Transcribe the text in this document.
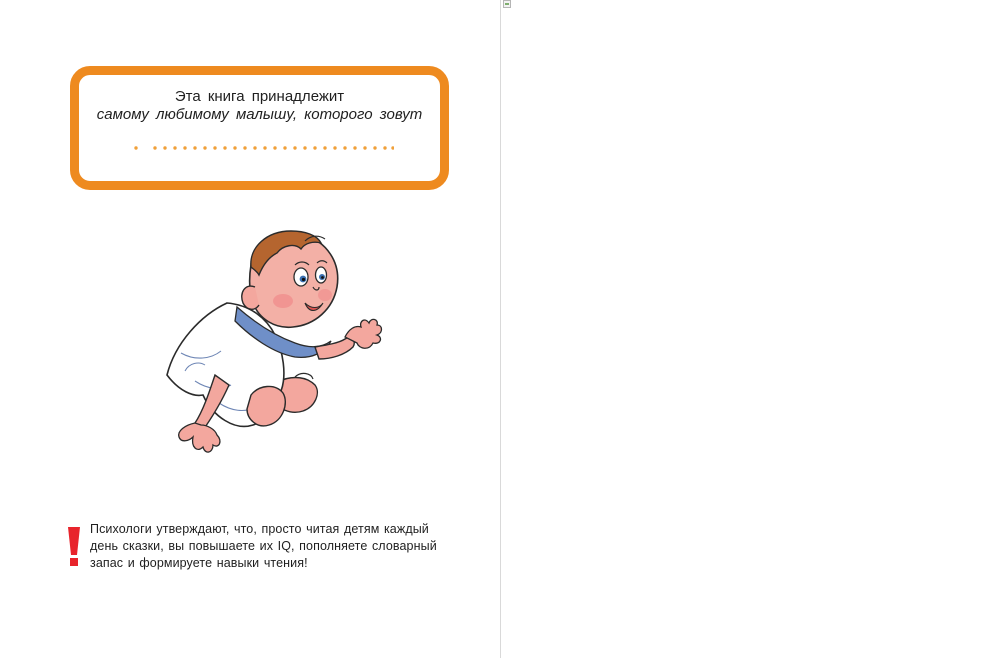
Эта книга принадлежит
самому любимому малышу, которого зовут
Психологи утверждают, что, просто читая детям каждый
день сказки, вы повышаете их IQ, пополняете словарный
запас и формируете навыки чтения!
